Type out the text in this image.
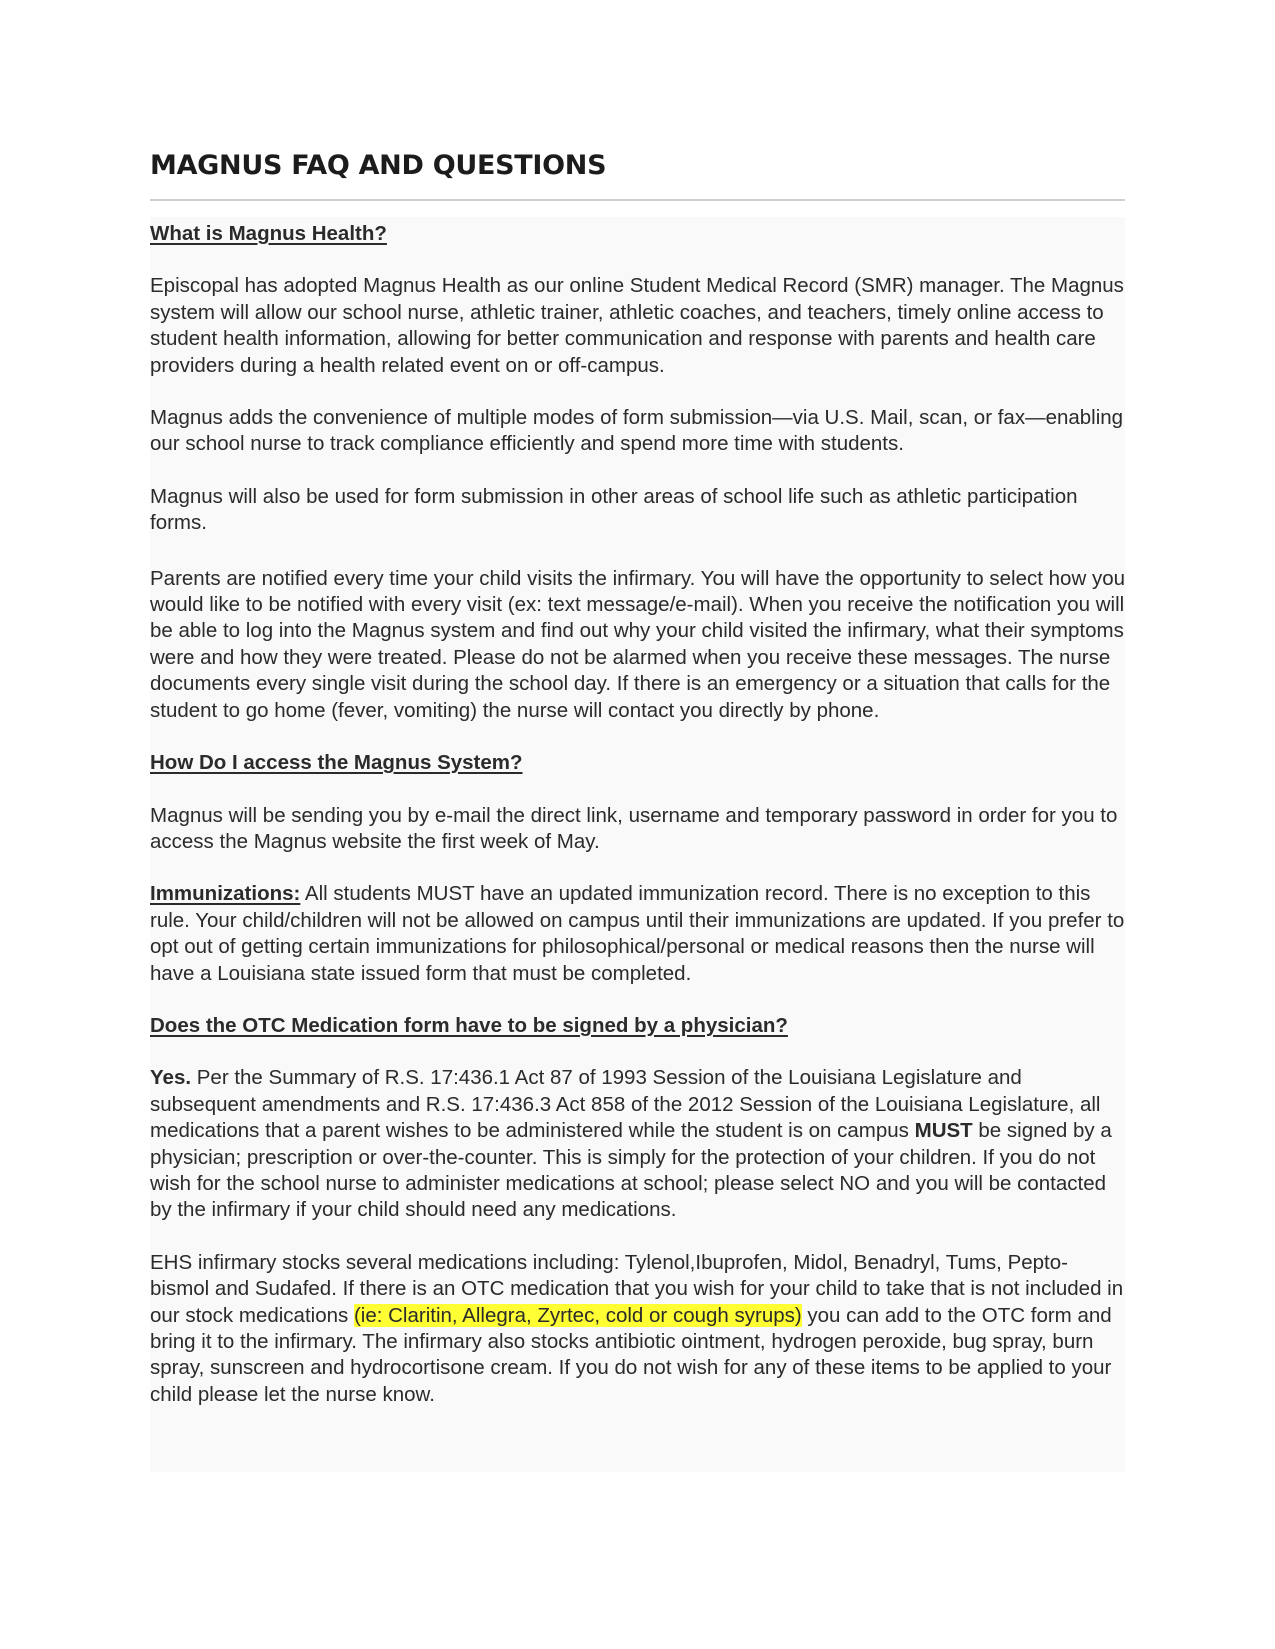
MAGNUS FAQ AND QUESTIONS

What is Magnus Health?

Episcopal has adopted Magnus Health as our online Student Medical Record (SMR) manager. The Magnus system will allow our school nurse, athletic trainer, athletic coaches, and teachers, timely online access to student health information, allowing for better communication and response with parents and health care providers during a health related event on or off-campus.

Magnus adds the convenience of multiple modes of form submission—via U.S. Mail, scan, or fax—enabling our school nurse to track compliance efficiently and spend more time with students.

Magnus will also be used for form submission in other areas of school life such as athletic participation forms.

Parents are notified every time your child visits the infirmary. You will have the opportunity to select how you would like to be notified with every visit (ex: text message/e-mail). When you receive the notification you will be able to log into the Magnus system and find out why your child visited the infirmary, what their symptoms were and how they were treated. Please do not be alarmed when you receive these messages. The nurse documents every single visit during the school day. If there is an emergency or a situation that calls for the student to go home (fever, vomiting) the nurse will contact you directly by phone.

How Do I access the Magnus System?

Magnus will be sending you by e-mail the direct link, username and temporary password in order for you to access the Magnus website the first week of May.

Immunizations: All students MUST have an updated immunization record. There is no exception to this rule. Your child/children will not be allowed on campus until their immunizations are updated. If you prefer to opt out of getting certain immunizations for philosophical/personal or medical reasons then the nurse will have a Louisiana state issued form that must be completed.

Does the OTC Medication form have to be signed by a physician?

Yes. Per the Summary of R.S. 17:436.1 Act 87 of 1993 Session of the Louisiana Legislature and subsequent amendments and R.S. 17:436.3 Act 858 of the 2012 Session of the Louisiana Legislature, all medications that a parent wishes to be administered while the student is on campus MUST be signed by a physician; prescription or over-the-counter. This is simply for the protection of your children. If you do not wish for the school nurse to administer medications at school; please select NO and you will be contacted by the infirmary if your child should need any medications.

EHS infirmary stocks several medications including: Tylenol,Ibuprofen, Midol, Benadryl, Tums, Pepto-bismol and Sudafed. If there is an OTC medication that you wish for your child to take that is not included in our stock medications (ie: Claritin, Allegra, Zyrtec, cold or cough syrups) you can add to the OTC form and bring it to the infirmary. The infirmary also stocks antibiotic ointment, hydrogen peroxide, bug spray, burn spray, sunscreen and hydrocortisone cream. If you do not wish for any of these items to be applied to your child please let the nurse know.
